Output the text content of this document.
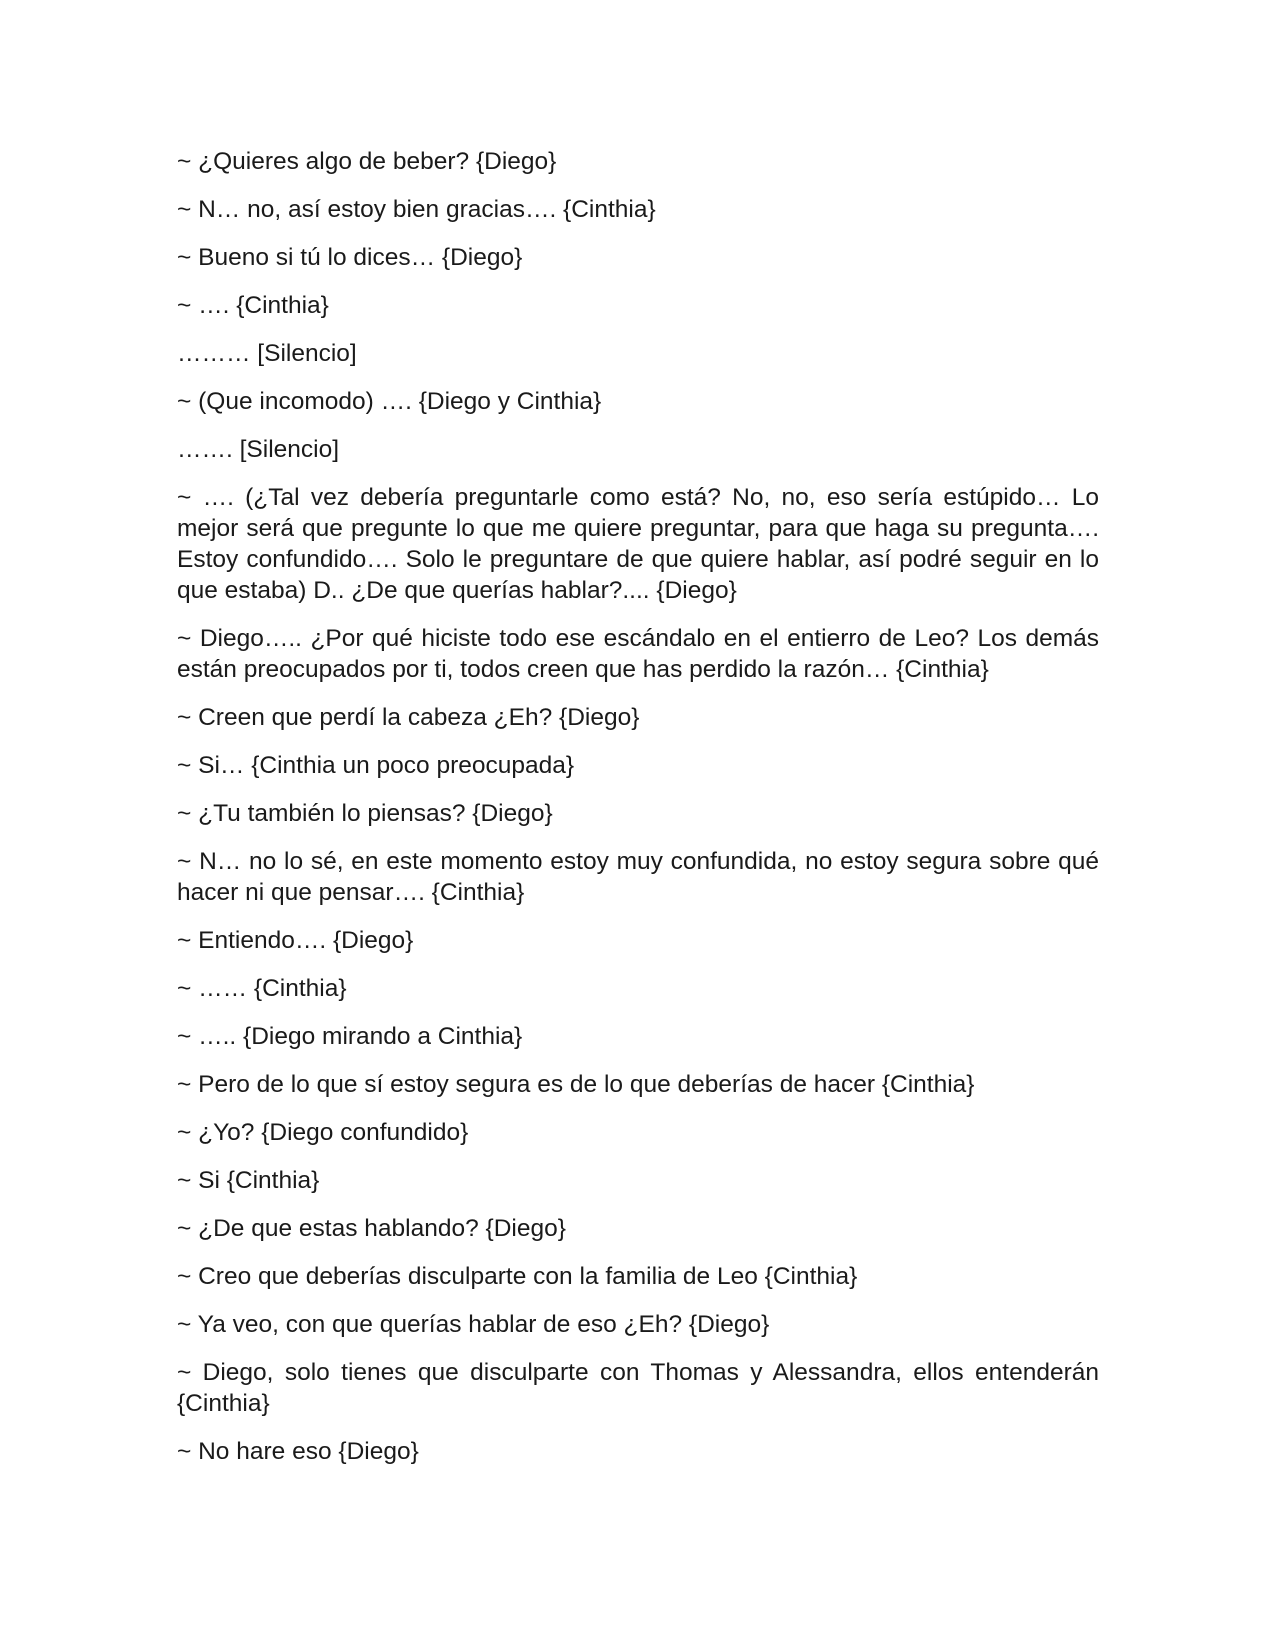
~ ¿Quieres algo de beber? {Diego}

~ N… no, así estoy bien gracias…. {Cinthia}

~ Bueno si tú lo dices… {Diego}

~ …. {Cinthia}

……… [Silencio]

~ (Que incomodo) …. {Diego y Cinthia}

……. [Silencio]

~ …. (¿Tal vez debería preguntarle como está? No, no, eso sería estúpido… Lo mejor será que pregunte lo que me quiere preguntar, para que haga su pregunta…. Estoy confundido…. Solo le preguntare de que quiere hablar, así podré seguir en lo que estaba) D.. ¿De que querías hablar?.... {Diego}

~ Diego….. ¿Por qué hiciste todo ese escándalo en el entierro de Leo? Los demás están preocupados por ti, todos creen que has perdido la razón… {Cinthia}

~ Creen que perdí la cabeza ¿Eh? {Diego}

~ Si… {Cinthia un poco preocupada}

~ ¿Tu también lo piensas? {Diego}

~ N… no lo sé, en este momento estoy muy confundida, no estoy segura sobre qué hacer ni que pensar…. {Cinthia}

~ Entiendo…. {Diego}

~ …… {Cinthia}

~ ….. {Diego mirando a Cinthia}

~ Pero de lo que sí estoy segura es de lo que deberías de hacer {Cinthia}

~ ¿Yo? {Diego confundido}

~ Si {Cinthia}

~ ¿De que estas hablando? {Diego}

~ Creo que deberías disculparte con la familia de Leo {Cinthia}

~ Ya veo, con que querías hablar de eso ¿Eh? {Diego}

~ Diego, solo tienes que disculparte con Thomas y Alessandra, ellos entenderán {Cinthia}

~ No hare eso {Diego}
